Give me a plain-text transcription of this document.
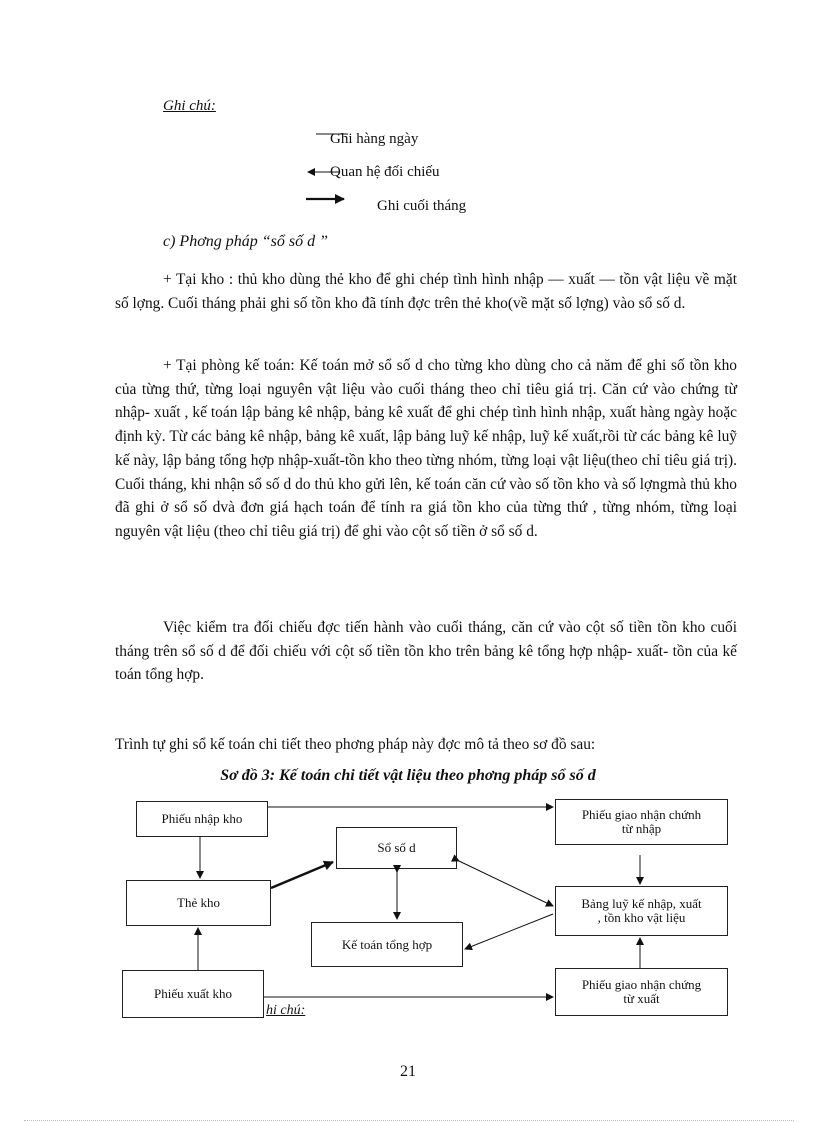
Ghi chú:
Ghi hàng ngày
Quan hệ đối chiếu
Ghi cuối tháng
c) Phơng pháp “sổ số d ”
+ Tại kho : thủ kho dùng thẻ kho để ghi chép tình hình nhập — xuất — tồn vật liệu về mặt số lợng. Cuối tháng phải ghi số tồn kho đã tính đợc trên thẻ kho(về mặt số lợng) vào sổ số d.
+ Tại phòng kế toán: Kế toán mở sổ số d cho từng kho dùng cho cả năm để ghi số tồn kho của từng thứ, từng loại nguyên vật liệu vào cuối tháng theo chỉ tiêu giá trị. Căn cứ vào chứng từ nhập- xuất , kế toán lập bảng kê nhập, bảng kê xuất để ghi chép tình hình nhập, xuất hàng ngày hoặc định kỳ. Từ các bảng kê nhập, bảng kê xuất, lập bảng luỹ kế nhập, luỹ kế xuất,rồi từ các bảng kê luỹ kế này, lập bảng tổng hợp nhập-xuất-tồn kho theo từng nhóm, từng loại vật liệu(theo chỉ tiêu giá trị). Cuối tháng, khi nhận sổ số d do thủ kho gửi lên, kế toán căn cứ vào số tồn kho và số lợngmà thủ kho đã ghi ở sổ số dvà đơn giá hạch toán để tính ra giá tồn kho của từng thứ , từng nhóm, từng loại nguyên vật liệu (theo chỉ tiêu giá trị) để ghi vào cột số tiền ở sổ số d.
Việc kiểm tra đối chiếu đợc tiến hành vào cuối tháng, căn cứ vào cột số tiền tồn kho cuối tháng trên sổ số d để đối chiếu với cột số tiền tồn kho trên bảng kê tổng hợp nhập- xuất- tồn của kế toán tổng hợp.
Trình tự ghi sổ kế toán chi tiết theo phơng pháp này đợc mô tả theo sơ đồ sau:
Sơ đồ 3: Kế toán chi tiết vật liệu theo phơng pháp sổ số d
Phiếu nhập kho
Thẻ kho
Phiếu xuất kho
Sổ số d
Kế toán tổng hợp
Phiếu giao nhận chứnh
từ nhập
Bảng luỹ kế nhập, xuất
, tồn kho vật liệu
Phiếu giao nhận chứng
từ xuất
hi chú:
21
